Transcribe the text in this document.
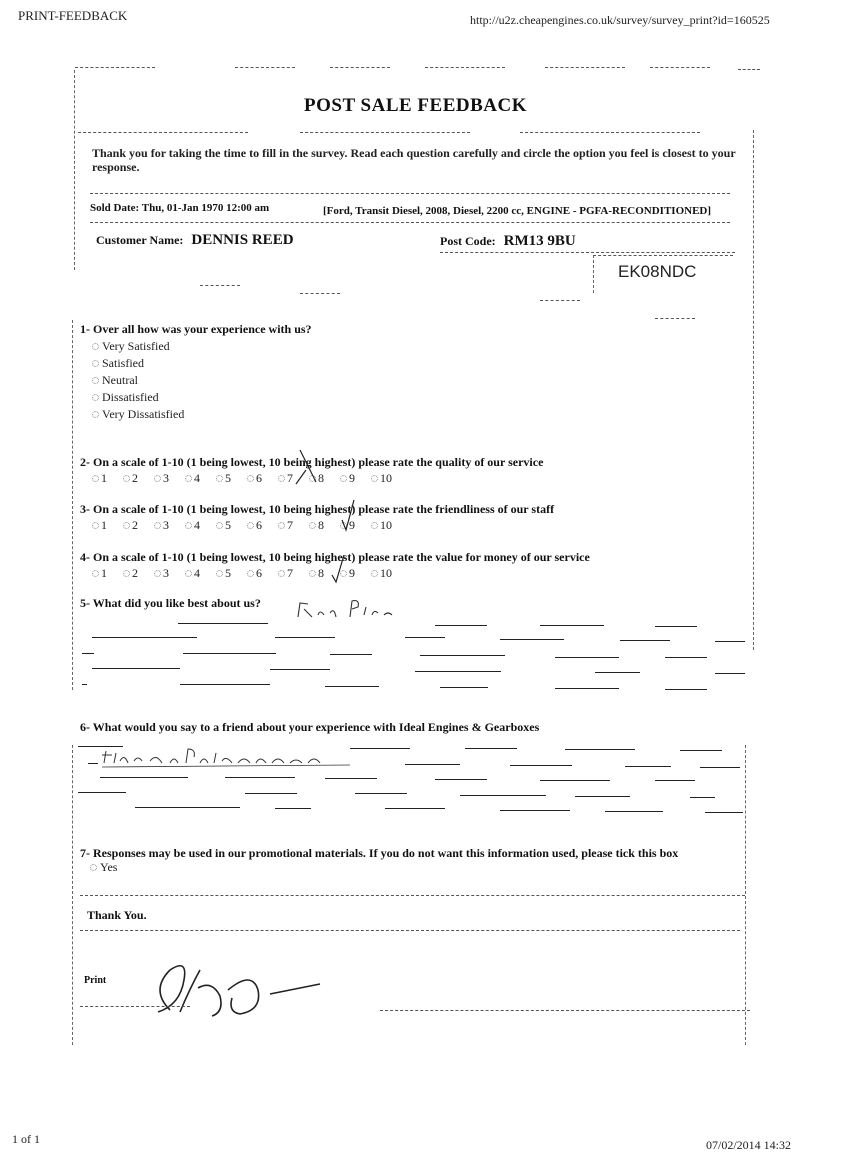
PRINT-FEEDBACK	http://u2z.cheapengines.co.uk/survey/survey_print?id=160525
POST SALE FEEDBACK
Thank you for taking the time to fill in the survey. Read each question carefully and circle the option you feel is closest to your response.
Sold Date: Thu, 01-Jan 1970 12:00 am	[Ford, Transit Diesel, 2008, Diesel, 2200 cc, ENGINE - PGFA-RECONDITIONED]
Customer Name: DENNIS REED	Post Code: RM13 9BU
EK08NDC
1- Over all how was your experience with us?
Very Satisfied
Satisfied
Neutral
Dissatisfied
Very Dissatisfied
2- On a scale of 1-10 (1 being lowest, 10 being highest) please rate the quality of our service
1 2 3 4 5 6 7 8 9 10
3- On a scale of 1-10 (1 being lowest, 10 being highest) please rate the friendliness of our staff
1 2 3 4 5 6 7 8 9 10
4- On a scale of 1-10 (1 being lowest, 10 being highest) please rate the value for money of our service
1 2 3 4 5 6 7 8 9 10
5- What did you like best about us?
6- What would you say to a friend about your experience with Ideal Engines & Gearboxes
7- Responses may be used in our promotional materials. If you do not want this information used, please tick this box
Yes
Thank You.
Print
1 of 1	07/02/2014 14:32
